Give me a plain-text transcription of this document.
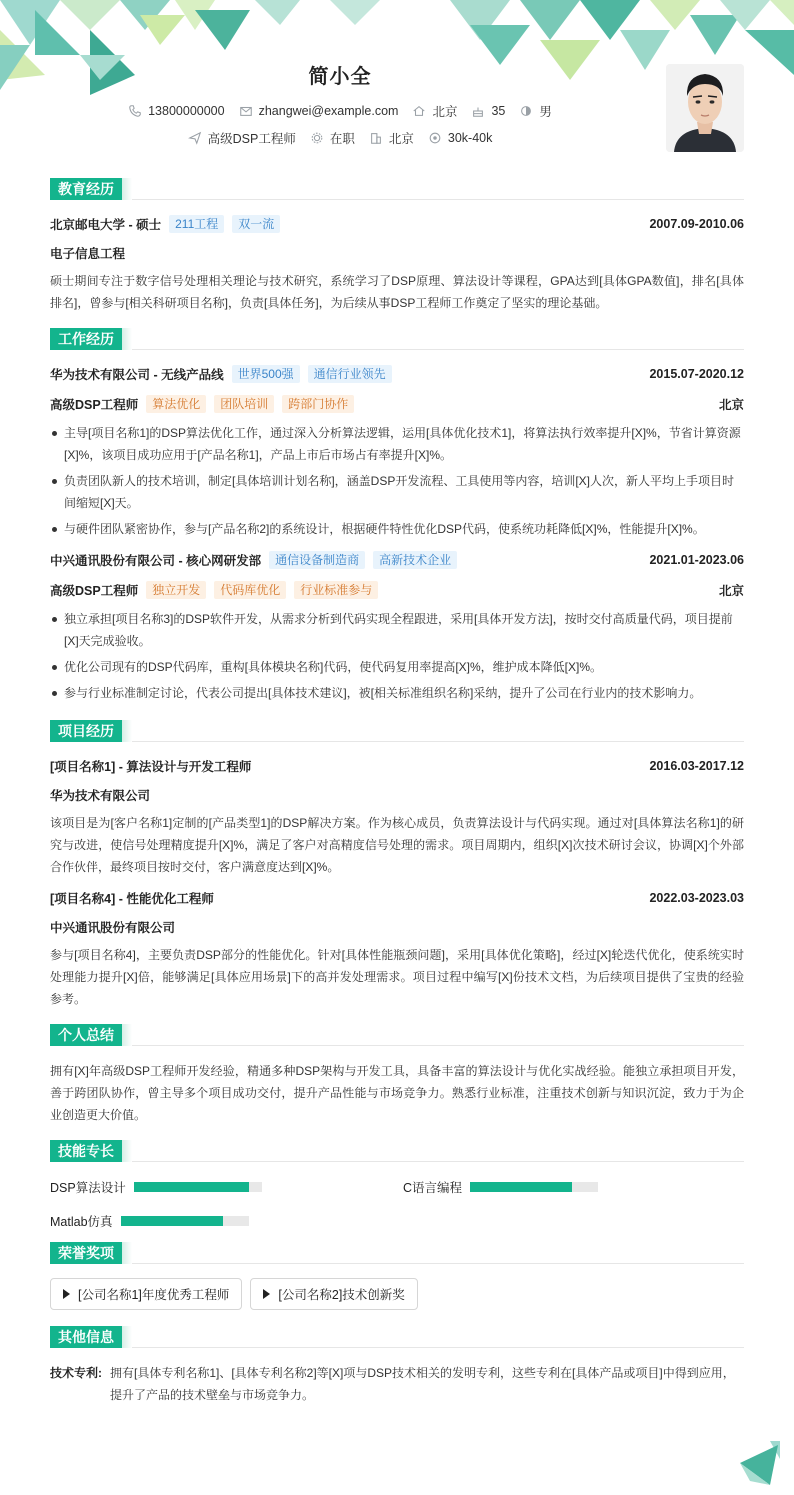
简小全
13800000000	zhangwei@example.com	北京	35	男
高级DSP工程师	在职	北京	30k-40k
教育经历
北京邮电大学 - 硕士	211工程	双一流	2007.09-2010.06
电子信息工程
硕士期间专注于数字信号处理相关理论与技术研究，系统学习了DSP原理、算法设计等课程，GPA达到[具体GPA数值]，排名[具体排名]，曾参与[相关科研项目名称]，负责[具体任务]，为后续从事DSP工程师工作奠定了坚实的理论基础。
工作经历
华为技术有限公司 - 无线产品线	世界500强	通信行业领先	2015.07-2020.12
高级DSP工程师	算法优化	团队培训	跨部门协作	北京
主导[项目名称1]的DSP算法优化工作，通过深入分析算法逻辑，运用[具体优化技术1]，将算法执行效率提升[X]%，节省计算资源[X]%，该项目成功应用于[产品名称1]，产品上市后市场占有率提升[X]%。
负责团队新人的技术培训，制定[具体培训计划名称]，涵盖DSP开发流程、工具使用等内容，培训[X]人次，新人平均上手项目时间缩短[X]天。
与硬件团队紧密协作，参与[产品名称2]的系统设计，根据硬件特性优化DSP代码，使系统功耗降低[X]%，性能提升[X]%。
中兴通讯股份有限公司 - 核心网研发部	通信设备制造商	高新技术企业	2021.01-2023.06
高级DSP工程师	独立开发	代码库优化	行业标准参与	北京
独立承担[项目名称3]的DSP软件开发，从需求分析到代码实现全程跟进，采用[具体开发方法]，按时交付高质量代码，项目提前[X]天完成验收。
优化公司现有的DSP代码库，重构[具体模块名称]代码，使代码复用率提高[X]%，维护成本降低[X]%。
参与行业标准制定讨论，代表公司提出[具体技术建议]，被[相关标准组织名称]采纳，提升了公司在行业内的技术影响力。
项目经历
[项目名称1] - 算法设计与开发工程师	2016.03-2017.12
华为技术有限公司
该项目是为[客户名称1]定制的[产品类型1]的DSP解决方案。作为核心成员，负责算法设计与代码实现。通过对[具体算法名称1]的研究与改进，使信号处理精度提升[X]%，满足了客户对高精度信号处理的需求。项目周期内，组织[X]次技术研讨会议，协调[X]个外部合作伙伴，最终项目按时交付，客户满意度达到[X]%。
[项目名称4] - 性能优化工程师	2022.03-2023.03
中兴通讯股份有限公司
参与[项目名称4]，主要负责DSP部分的性能优化。针对[具体性能瓶颈问题]，采用[具体优化策略]，经过[X]轮迭代优化，使系统实时处理能力提升[X]倍，能够满足[具体应用场景]下的高并发处理需求。项目过程中编写[X]份技术文档，为后续项目提供了宝贵的经验参考。
个人总结
拥有[X]年高级DSP工程师开发经验，精通多种DSP架构与开发工具，具备丰富的算法设计与优化实战经验。能独立承担项目开发，善于跨团队协作，曾主导多个项目成功交付，提升产品性能与市场竞争力。熟悉行业标准，注重技术创新与知识沉淀，致力于为企业创造更大价值。
技能专长
DSP算法设计	C语言编程
Matlab仿真
荣誉奖项
[公司名称1]年度优秀工程师	[公司名称2]技术创新奖
其他信息
技术专利: 拥有[具体专利名称1]、[具体专利名称2]等[X]项与DSP技术相关的发明专利，这些专利在[具体产品或项目]中得到应用，提升了产品的技术壁垒与市场竞争力。
